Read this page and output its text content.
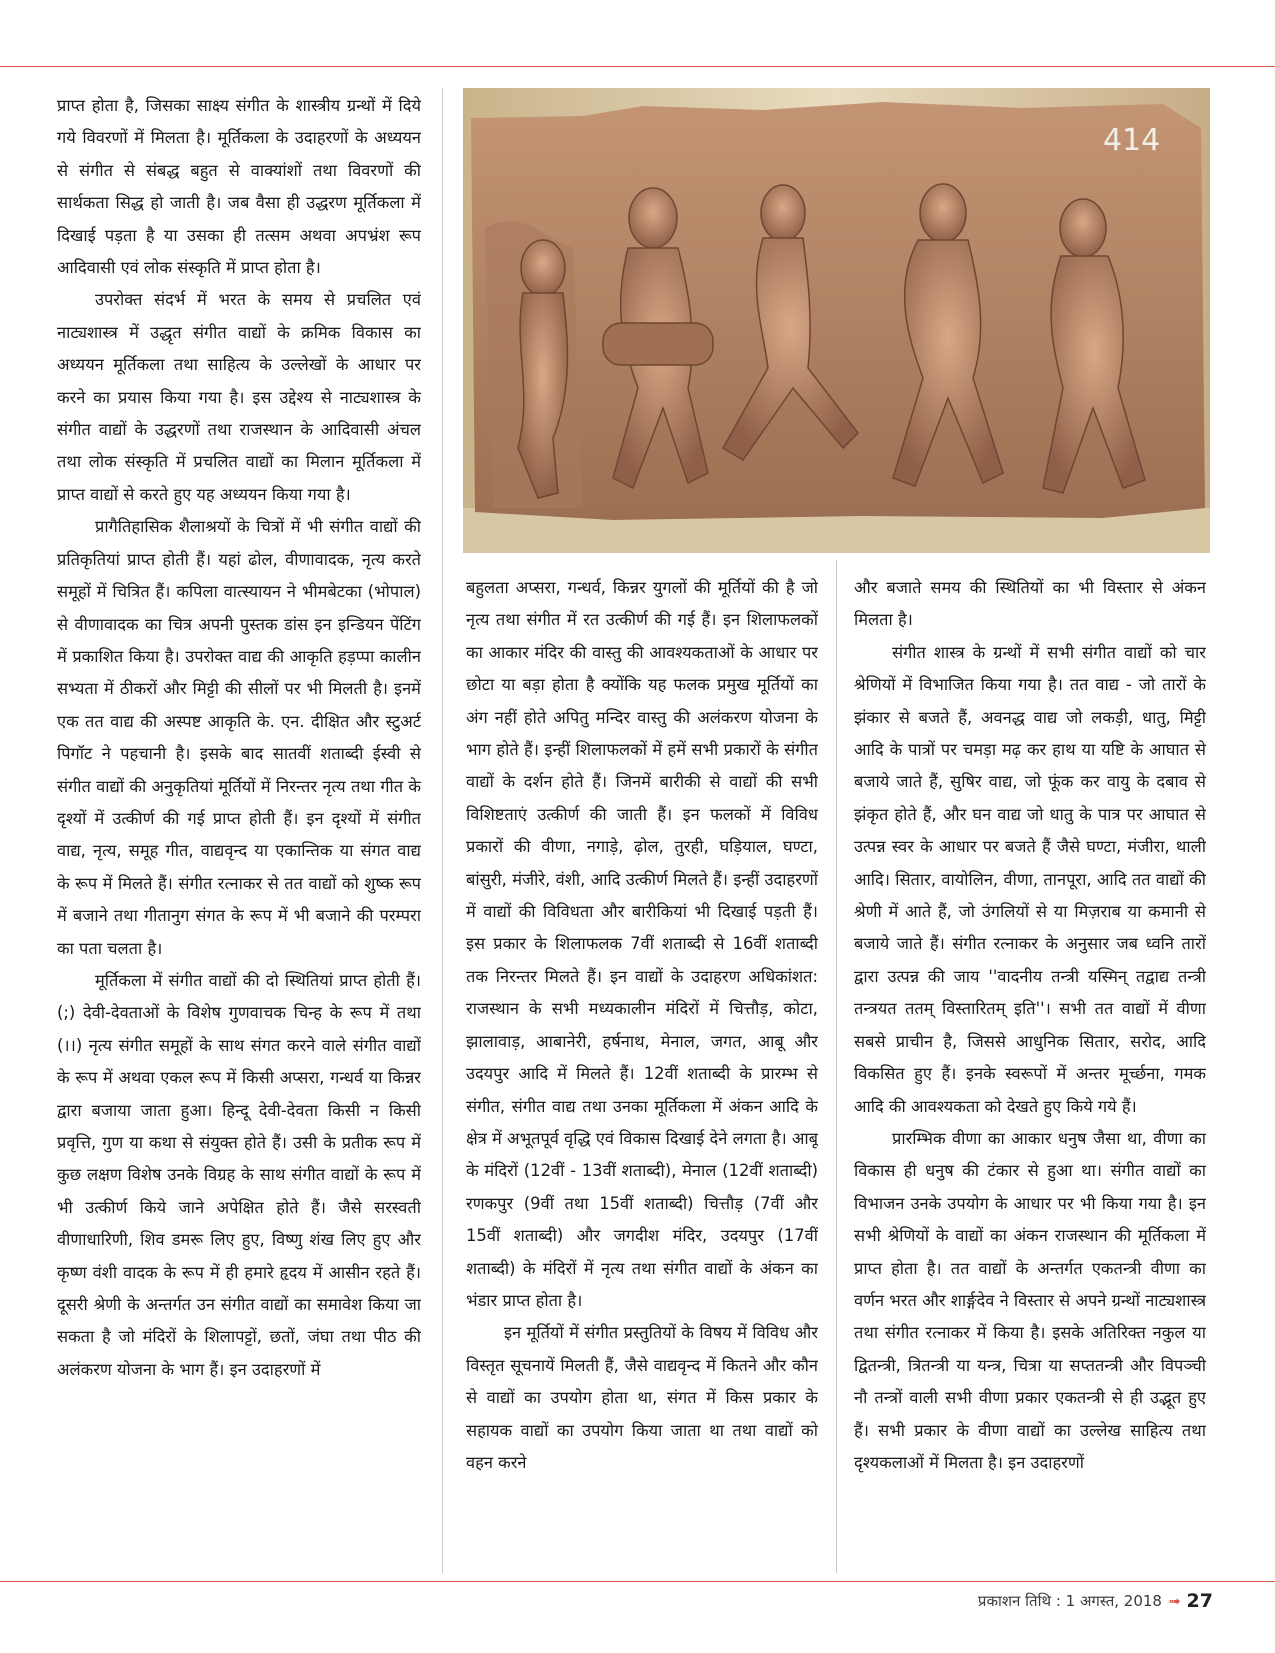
प्राप्त होता है, जिसका साक्ष्य संगीत के शास्त्रीय ग्रन्थों में दिये गये विवरणों में मिलता है। मूर्तिकला के उदाहरणों के अध्ययन से संगीत से संबद्ध बहुत से वाक्यांशों तथा विवरणों की सार्थकता सिद्ध हो जाती है। जब वैसा ही उद्धरण मूर्तिकला में दिखाई पड़ता है या उसका ही तत्सम अथवा अपभ्रंश रूप आदिवासी एवं लोक संस्कृति में प्राप्त होता है।

उपरोक्त संदर्भ में भरत के समय से प्रचलित एवं नाट्यशास्त्र में उद्धृत संगीत वाद्यों के क्रमिक विकास का अध्ययन मूर्तिकला तथा साहित्य के उल्लेखों के आधार पर करने का प्रयास किया गया है। इस उद्देश्य से नाट्यशास्त्र के संगीत वाद्यों के उद्धरणों तथा राजस्थान के आदिवासी अंचल तथा लोक संस्कृति में प्रचलित वाद्यों का मिलान मूर्तिकला में प्राप्त वाद्यों से करते हुए यह अध्ययन किया गया है।

प्रागैतिहासिक शैलाश्रयों के चित्रों में भी संगीत वाद्यों की प्रतिकृतियां प्राप्त होती हैं। यहां ढोल, वीणावादक, नृत्य करते समूहों में चित्रित हैं। कपिला वात्स्यायन ने भीमबेटका (भोपाल) से वीणावादक का चित्र अपनी पुस्तक डांस इन इन्डियन पेंटिंग में प्रकाशित किया है। उपरोक्त वाद्य की आकृति हड़प्पा कालीन सभ्यता में ठीकरों और मिट्टी की सीलों पर भी मिलती है। इनमें एक तत वाद्य की अस्पष्ट आकृति के. एन. दीक्षित और स्टुअर्ट पिगॉट ने पहचानी है। इसके बाद सातवीं शताब्दी ईस्वी से संगीत वाद्यों की अनुकृतियां मूर्तियों में निरन्तर नृत्य तथा गीत के दृश्यों में उत्कीर्ण की गई प्राप्त होती हैं। इन दृश्यों में संगीत वाद्य, नृत्य, समूह गीत, वाद्यवृन्द या एकान्तिक या संगत वाद्य के रूप में मिलते हैं। संगीत रत्नाकर से तत वाद्यों को शुष्क रूप में बजाने तथा गीतानुग संगत के रूप में भी बजाने की परम्परा का पता चलता है।

मूर्तिकला में संगीत वाद्यों की दो स्थितियां प्राप्त होती हैं। (;) देवी-देवताओं के विशेष गुणवाचक चिन्ह के रूप में तथा (।।) नृत्य संगीत समूहों के साथ संगत करने वाले संगीत वाद्यों के रूप में अथवा एकल रूप में किसी अप्सरा, गन्धर्व या किन्नर द्वारा बजाया जाता हुआ। हिन्दू देवी-देवता किसी न किसी प्रवृत्ति, गुण या कथा से संयुक्त होते हैं। उसी के प्रतीक रूप में कुछ लक्षण विशेष उनके विग्रह के साथ संगीत वाद्यों के रूप में भी उत्कीर्ण किये जाने अपेक्षित होते हैं। जैसे सरस्वती वीणाधारिणी, शिव डमरू लिए हुए, विष्णु शंख लिए हुए और कृष्ण वंशी वादक के रूप में ही हमारे हृदय में आसीन रहते हैं। दूसरी श्रेणी के अन्तर्गत उन संगीत वाद्यों का समावेश किया जा सकता है जो मंदिरों के शिलापट्टों, छतों, जंघा तथा पीठ की अलंकरण योजना के भाग हैं। इन उदाहरणों में

414

बहुलता अप्सरा, गन्धर्व, किन्नर युगलों की मूर्तियों की है जो नृत्य तथा संगीत में रत उत्कीर्ण की गई हैं। इन शिलाफलकों का आकार मंदिर की वास्तु की आवश्यकताओं के आधार पर छोटा या बड़ा होता है क्योंकि यह फलक प्रमुख मूर्तियों का अंग नहीं होते अपितु मन्दिर वास्तु की अलंकरण योजना के भाग होते हैं। इन्हीं शिलाफलकों में हमें सभी प्रकारों के संगीत वाद्यों के दर्शन होते हैं। जिनमें बारीकी से वाद्यों की सभी विशिष्टताएं उत्कीर्ण की जाती हैं। इन फलकों में विविध प्रकारों की वीणा, नगाड़े, ढ़ोल, तुरही, घड़ियाल, घण्टा, बांसुरी, मंजीरे, वंशी, आदि उत्कीर्ण मिलते हैं। इन्हीं उदाहरणों में वाद्यों की विविधता और बारीकियां भी दिखाई पड़ती हैं। इस प्रकार के शिलाफलक 7वीं शताब्दी से 16वीं शताब्दी तक निरन्तर मिलते हैं। इन वाद्यों के उदाहरण अधिकांशत: राजस्थान के सभी मध्यकालीन मंदिरों में चित्तौड़, कोटा, झालावाड़, आबानेरी, हर्षनाथ, मेनाल, जगत, आबू और उदयपुर आदि में मिलते हैं। 12वीं शताब्दी के प्रारम्भ से संगीत, संगीत वाद्य तथा उनका मूर्तिकला में अंकन आदि के क्षेत्र में अभूतपूर्व वृद्धि एवं विकास दिखाई देने लगता है। आबू के मंदिरों (12वीं - 13वीं शताब्दी), मेनाल (12वीं शताब्दी) रणकपुर (9वीं तथा 15वीं शताब्दी) चित्तौड़ (7वीं और 15वीं शताब्दी) और जगदीश मंदिर, उदयपुर (17वीं शताब्दी) के मंदिरों में नृत्य तथा संगीत वाद्यों के अंकन का भंडार प्राप्त होता है।

इन मूर्तियों में संगीत प्रस्तुतियों के विषय में विविध और विस्तृत सूचनायें मिलती हैं, जैसे वाद्यवृन्द में कितने और कौन से वाद्यों का उपयोग होता था, संगत में किस प्रकार के सहायक वाद्यों का उपयोग किया जाता था तथा वाद्यों को वहन करने

और बजाते समय की स्थितियों का भी विस्तार से अंकन मिलता है।

संगीत शास्त्र के ग्रन्थों में सभी संगीत वाद्यों को चार श्रेणियों में विभाजित किया गया है। तत वाद्य - जो तारों के झंकार से बजते हैं, अवनद्ध वाद्य जो लकड़ी, धातु, मिट्टी आदि के पात्रों पर चमड़ा मढ़ कर हाथ या यष्टि के आघात से बजाये जाते हैं, सुषिर वाद्य, जो फूंक कर वायु के दबाव से झंकृत होते हैं, और घन वाद्य जो धातु के पात्र पर आघात से उत्पन्न स्वर के आधार पर बजते हैं जैसे घण्टा, मंजीरा, थाली आदि। सितार, वायोलिन, वीणा, तानपूरा, आदि तत वाद्यों की श्रेणी में आते हैं, जो उंगलियों से या मिज़राब या कमानी से बजाये जाते हैं। संगीत रत्नाकर के अनुसार जब ध्वनि तारों द्वारा उत्पन्न की जाय ''वादनीय तन्त्री यस्मिन् तद्वाद्य तन्त्री तन्त्रयत ततम् विस्तारितम् इति''। सभी तत वाद्यों में वीणा सबसे प्राचीन है, जिससे आधुनिक सितार, सरोद, आदि विकसित हुए हैं। इनके स्वरूपों में अन्तर मूर्च्छना, गमक आदि की आवश्यकता को देखते हुए किये गये हैं।

प्रारम्भिक वीणा का आकार धनुष जैसा था, वीणा का विकास ही धनुष की टंकार से हुआ था। संगीत वाद्यों का विभाजन उनके उपयोग के आधार पर भी किया गया है। इन सभी श्रेणियों के वाद्यों का अंकन राजस्थान की मूर्तिकला में प्राप्त होता है। तत वाद्यों के अन्तर्गत एकतन्त्री वीणा का वर्णन भरत और शार्ङ्गदेव ने विस्तार से अपने ग्रन्थों नाट्यशास्त्र तथा संगीत रत्नाकर में किया है। इसके अतिरिक्त नकुल या द्वितन्त्री, त्रितन्त्री या यन्त्र, चित्रा या सप्ततन्त्री और विपञ्ची नौ तन्त्रों वाली सभी वीणा प्रकार एकतन्त्री से ही उद्भूत हुए हैं। सभी प्रकार के वीणा वाद्यों का उल्लेख साहित्य तथा दृश्यकलाओं में मिलता है। इन उदाहरणों

प्रकाशन तिथि : 1 अगस्त, 2018 ➟ 27
